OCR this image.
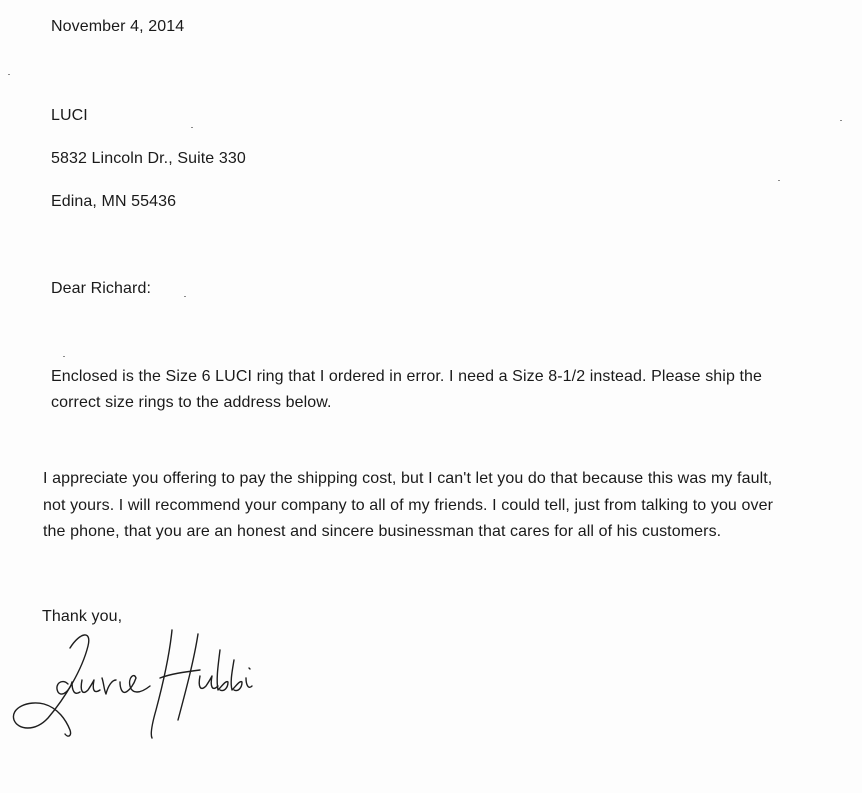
November 4, 2014
LUCI
5832 Lincoln Dr., Suite 330
Edina, MN 55436
Dear Richard:
Enclosed is the Size 6 LUCI ring that I ordered in error. I need a Size 8-1/2 instead. Please ship the
correct size rings to the address below.
I appreciate you offering to pay the shipping cost, but I can't let you do that because this was my fault,
not yours. I will recommend your company to all of my friends. I could tell, just from talking to you over
the phone, that you are an honest and sincere businessman that cares for all of his customers.
Thank you,
